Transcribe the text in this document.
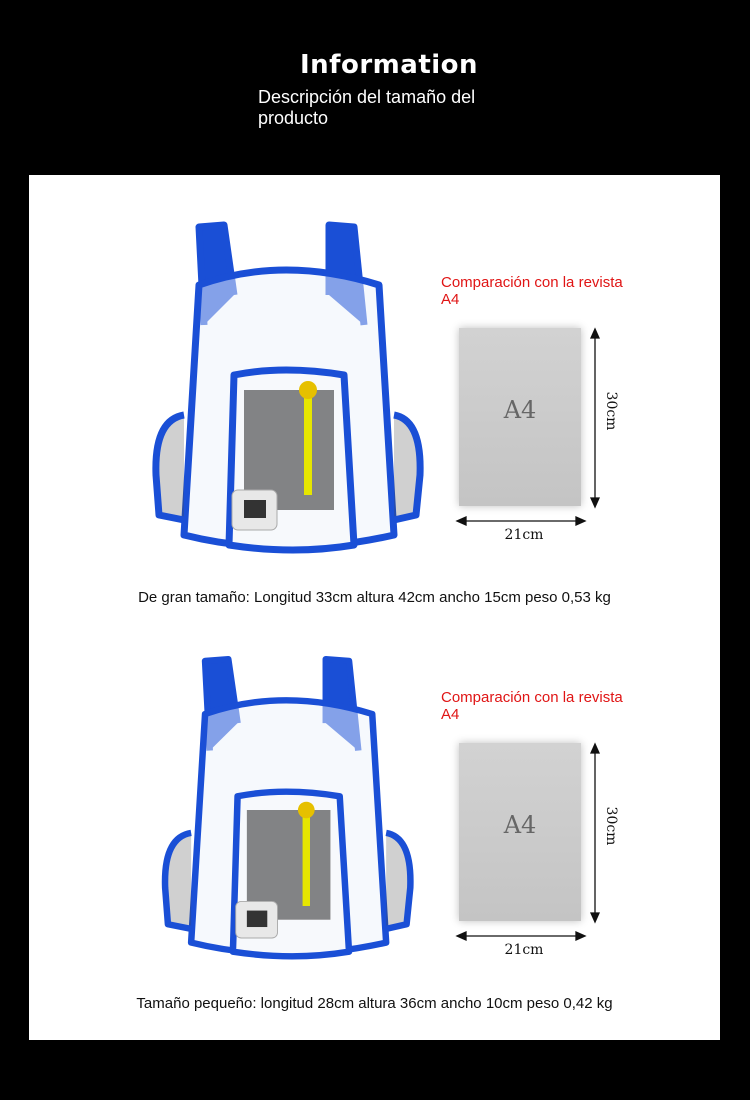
Information
Descripción del tamaño del producto
Comparación con la revista A4
A4
21cm
30cm
De gran tamaño: Longitud 33cm altura 42cm ancho 15cm peso 0,53 kg
Comparación con la revista A4
A4
21cm
30cm
Tamaño pequeño: longitud 28cm altura 36cm ancho 10cm peso 0,42 kg
